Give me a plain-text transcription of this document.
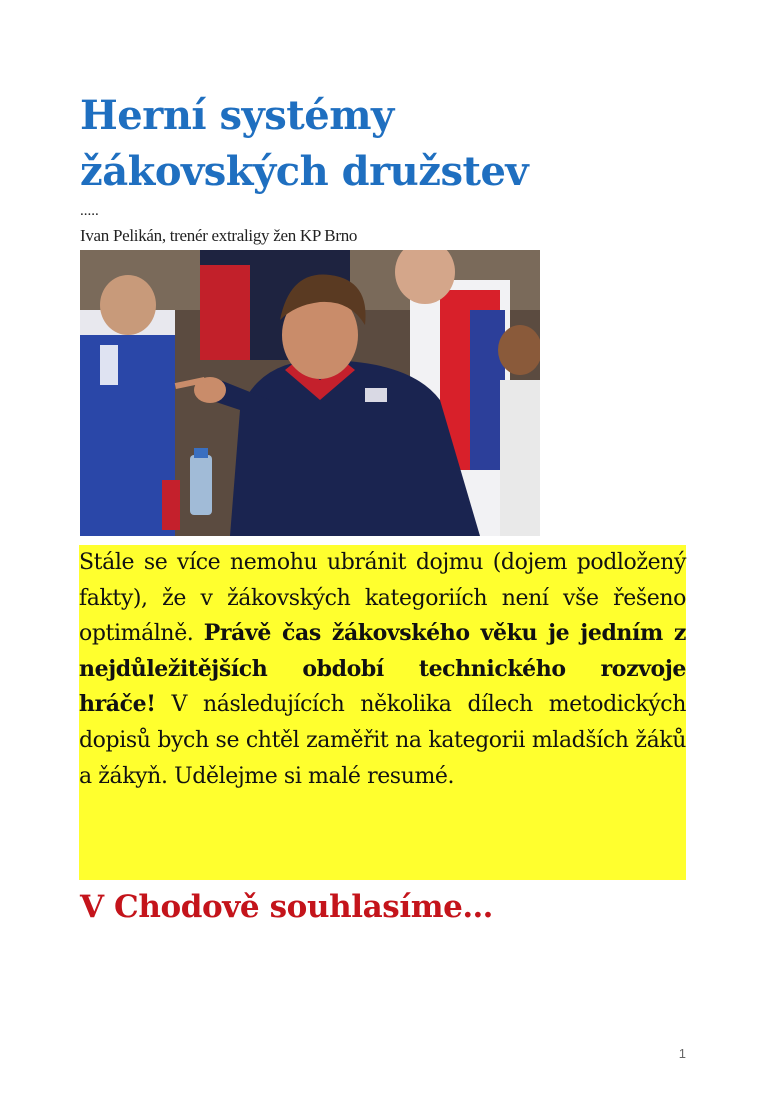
Herní systémy
žákovských družstev
.....
Ivan Pelikán, trenér extraligy žen KP Brno

Stále se více nemohu ubránit dojmu (dojem podložený fakty), že v žákovských kategoriích není vše řešeno optimálně. Právě čas žákovského věku je jedním z nejdůležitějších období technického rozvoje hráče! V následujících několika dílech metodických dopisů bych se chtěl zaměřit na kategorii mladších žáků a žákyň. Udělejme si malé resumé.

V Chodově souhlasíme…
1
